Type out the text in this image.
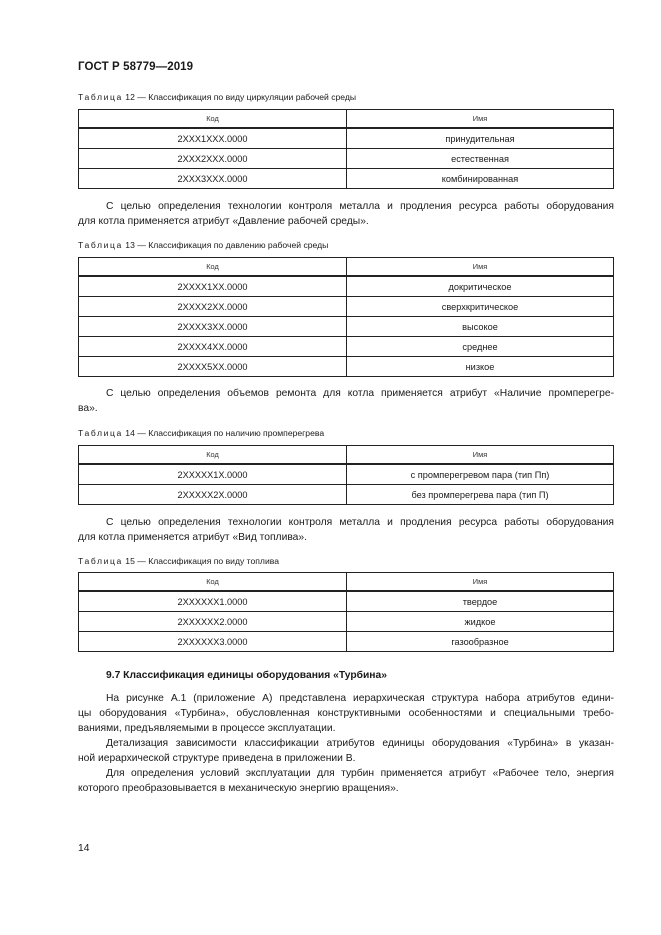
ГОСТ Р 58779—2019
Таблица 12 — Классификация по виду циркуляции рабочей среды
Код	Имя
2XXX1XXX.0000	принудительная
2XXX2XXX.0000	естественная
2XXX3XXX.0000	комбинированная
С целью определения технологии контроля металла и продления ресурса работы оборудования
для котла применяется атрибут «Давление рабочей среды».
Таблица 13 — Классификация по давлению рабочей среды
Код	Имя
2XXXX1XX.0000	докритическое
2XXXX2XX.0000	сверхкритическое
2XXXX3XX.0000	высокое
2XXXX4XX.0000	среднее
2XXXX5XX.0000	низкое
С целью определения объемов ремонта для котла применяется атрибут «Наличие промперегре-
ва».
Таблица 14 — Классификация по наличию промперегрева
Код	Имя
2XXXXX1X.0000	с промперегревом пара (тип Пп)
2XXXXX2X.0000	без промперегрева пара (тип П)
С целью определения технологии контроля металла и продления ресурса работы оборудования
для котла применяется атрибут «Вид топлива».
Таблица 15 — Классификация по виду топлива
Код	Имя
2XXXXXX1.0000	твердое
2XXXXXX2.0000	жидкое
2XXXXXX3.0000	газообразное
9.7 Классификация единицы оборудования «Турбина»
На рисунке А.1 (приложение А) представлена иерархическая структура набора атрибутов едини-
цы оборудования «Турбина», обусловленная конструктивными особенностями и специальными требо-
ваниями, предъявляемыми в процессе эксплуатации.
Детализация зависимости классификации атрибутов единицы оборудования «Турбина» в указан-
ной иерархической структуре приведена в приложении В.
Для определения условий эксплуатации для турбин применяется атрибут «Рабочее тело, энергия
которого преобразовывается в механическую энергию вращения».
14
